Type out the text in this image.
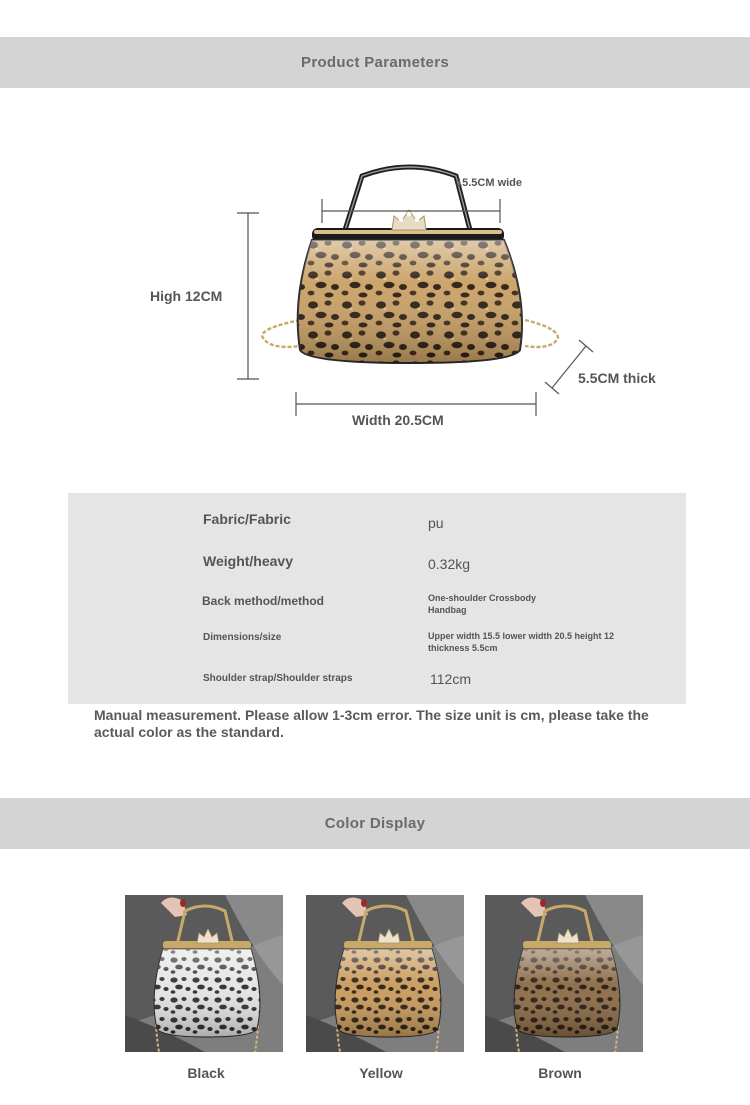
Product Parameters
15.5CM wide
High 12CM
5.5CM thick
Width 20.5CM
Fabric/Fabric	pu
Weight/heavy	0.32kg
Back method/method	One-shoulder Crossbody Handbag
Dimensions/size	Upper width 15.5 lower width 20.5 height 12 thickness 5.5cm
Shoulder strap/Shoulder straps	112cm
Manual measurement. Please allow 1-3cm error. The size unit is cm, please take the actual color as the standard.
Color Display
Black	Yellow	Brown
